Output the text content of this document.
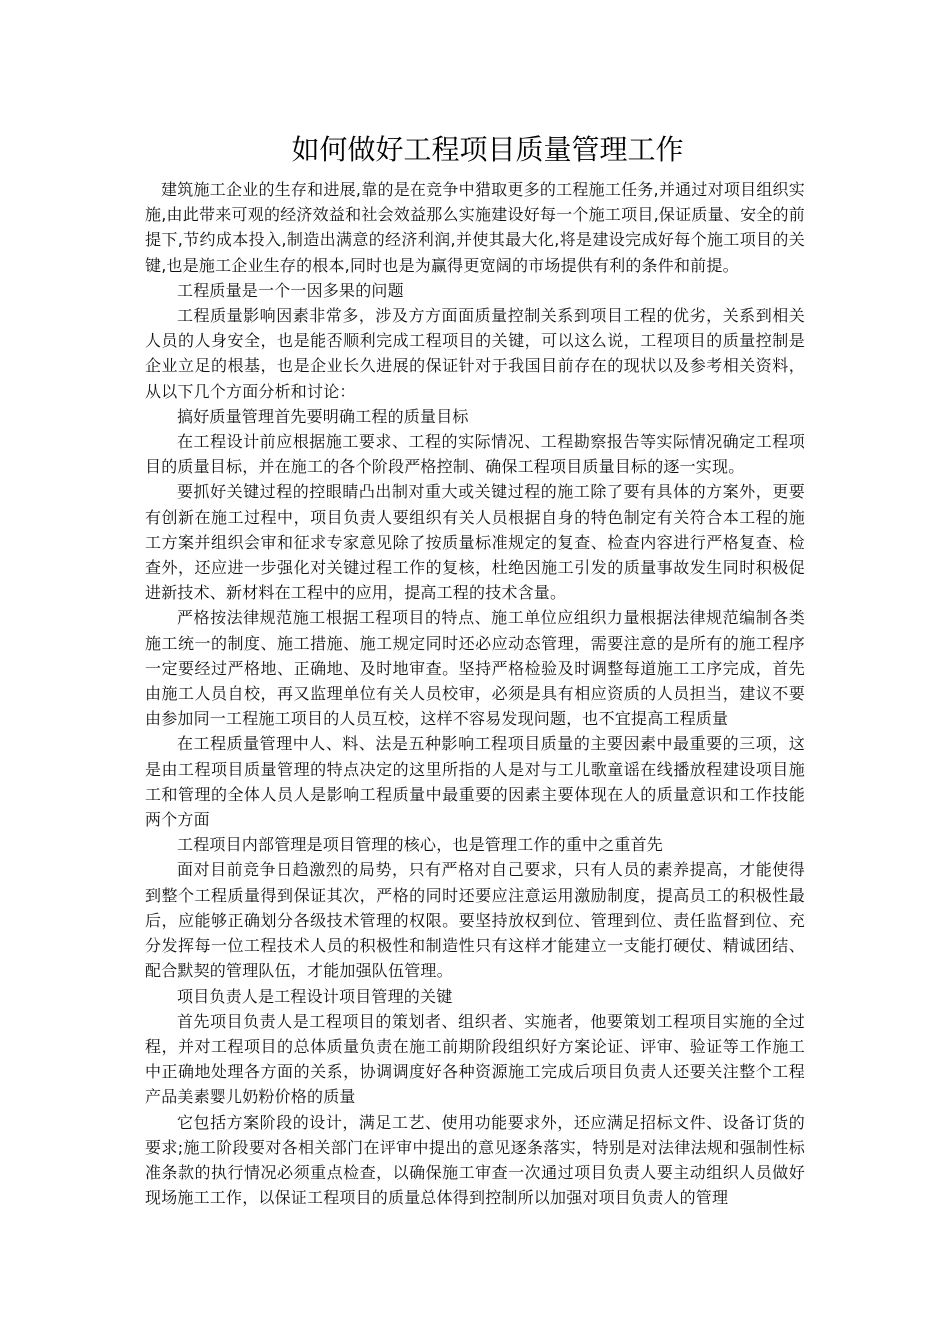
如何做好工程项目质量管理工作

建筑施工企业的生存和进展,靠的是在竞争中猎取更多的工程施工任务,并通过对项目组织实施,由此带来可观的经济效益和社会效益那么实施建设好每一个施工项目,保证质量、安全的前提下,节约成本投入,制造出满意的经济利润,并使其最大化,将是建设完成好每个施工项目的关键,也是施工企业生存的根本,同时也是为赢得更宽阔的市场提供有利的条件和前提。

工程质量是一个一因多果的问题

工程质量影响因素非常多，涉及方方面面质量控制关系到项目工程的优劣，关系到相关人员的人身安全，也是能否顺利完成工程项目的关键，可以这么说，工程项目的质量控制是企业立足的根基，也是企业长久进展的保证针对于我国目前存在的现状以及参考相关资料，从以下几个方面分析和讨论：

搞好质量管理首先要明确工程的质量目标

在工程设计前应根据施工要求、工程的实际情况、工程勘察报告等实际情况确定工程项目的质量目标，并在施工的各个阶段严格控制、确保工程项目质量目标的逐一实现。

要抓好关键过程的控眼睛凸出制对重大或关键过程的施工除了要有具体的方案外，更要有创新在施工过程中，项目负责人要组织有关人员根据自身的特色制定有关符合本工程的施工方案并组织会审和征求专家意见除了按质量标准规定的复查、检查内容进行严格复查、检查外，还应进一步强化对关键过程工作的复核，杜绝因施工引发的质量事故发生同时积极促进新技术、新材料在工程中的应用，提高工程的技术含量。

严格按法律规范施工根据工程项目的特点、施工单位应组织力量根据法律规范编制各类施工统一的制度、施工措施、施工规定同时还必应动态管理，需要注意的是所有的施工程序一定要经过严格地、正确地、及时地审查。坚持严格检验及时调整每道施工工序完成，首先由施工人员自校，再又监理单位有关人员校审，必须是具有相应资质的人员担当，建议不要由参加同一工程施工项目的人员互校，这样不容易发现问题，也不宜提高工程质量

在工程质量管理中人、料、法是五种影响工程项目质量的主要因素中最重要的三项，这是由工程项目质量管理的特点决定的这里所指的人是对与工儿歌童谣在线播放程建设项目施工和管理的全体人员人是影响工程质量中最重要的因素主要体现在人的质量意识和工作技能两个方面

工程项目内部管理是项目管理的核心，也是管理工作的重中之重首先

面对目前竞争日趋激烈的局势，只有严格对自己要求，只有人员的素养提高，才能使得到整个工程质量得到保证其次，严格的同时还要应注意运用激励制度，提高员工的积极性最后，应能够正确划分各级技术管理的权限。要坚持放权到位、管理到位、责任监督到位、充分发挥每一位工程技术人员的积极性和制造性只有这样才能建立一支能打硬仗、精诚团结、配合默契的管理队伍，才能加强队伍管理。

项目负责人是工程设计项目管理的关键

首先项目负责人是工程项目的策划者、组织者、实施者，他要策划工程项目实施的全过程，并对工程项目的总体质量负责在施工前期阶段组织好方案论证、评审、验证等工作施工中正确地处理各方面的关系，协调调度好各种资源施工完成后项目负责人还要关注整个工程产品美素婴儿奶粉价格的质量

它包括方案阶段的设计，满足工艺、使用功能要求外，还应满足招标文件、设备订货的要求;施工阶段要对各相关部门在评审中提出的意见逐条落实，特别是对法律法规和强制性标准条款的执行情况必须重点检查，以确保施工审查一次通过项目负责人要主动组织人员做好现场施工工作，以保证工程项目的质量总体得到控制所以加强对项目负责人的管理
